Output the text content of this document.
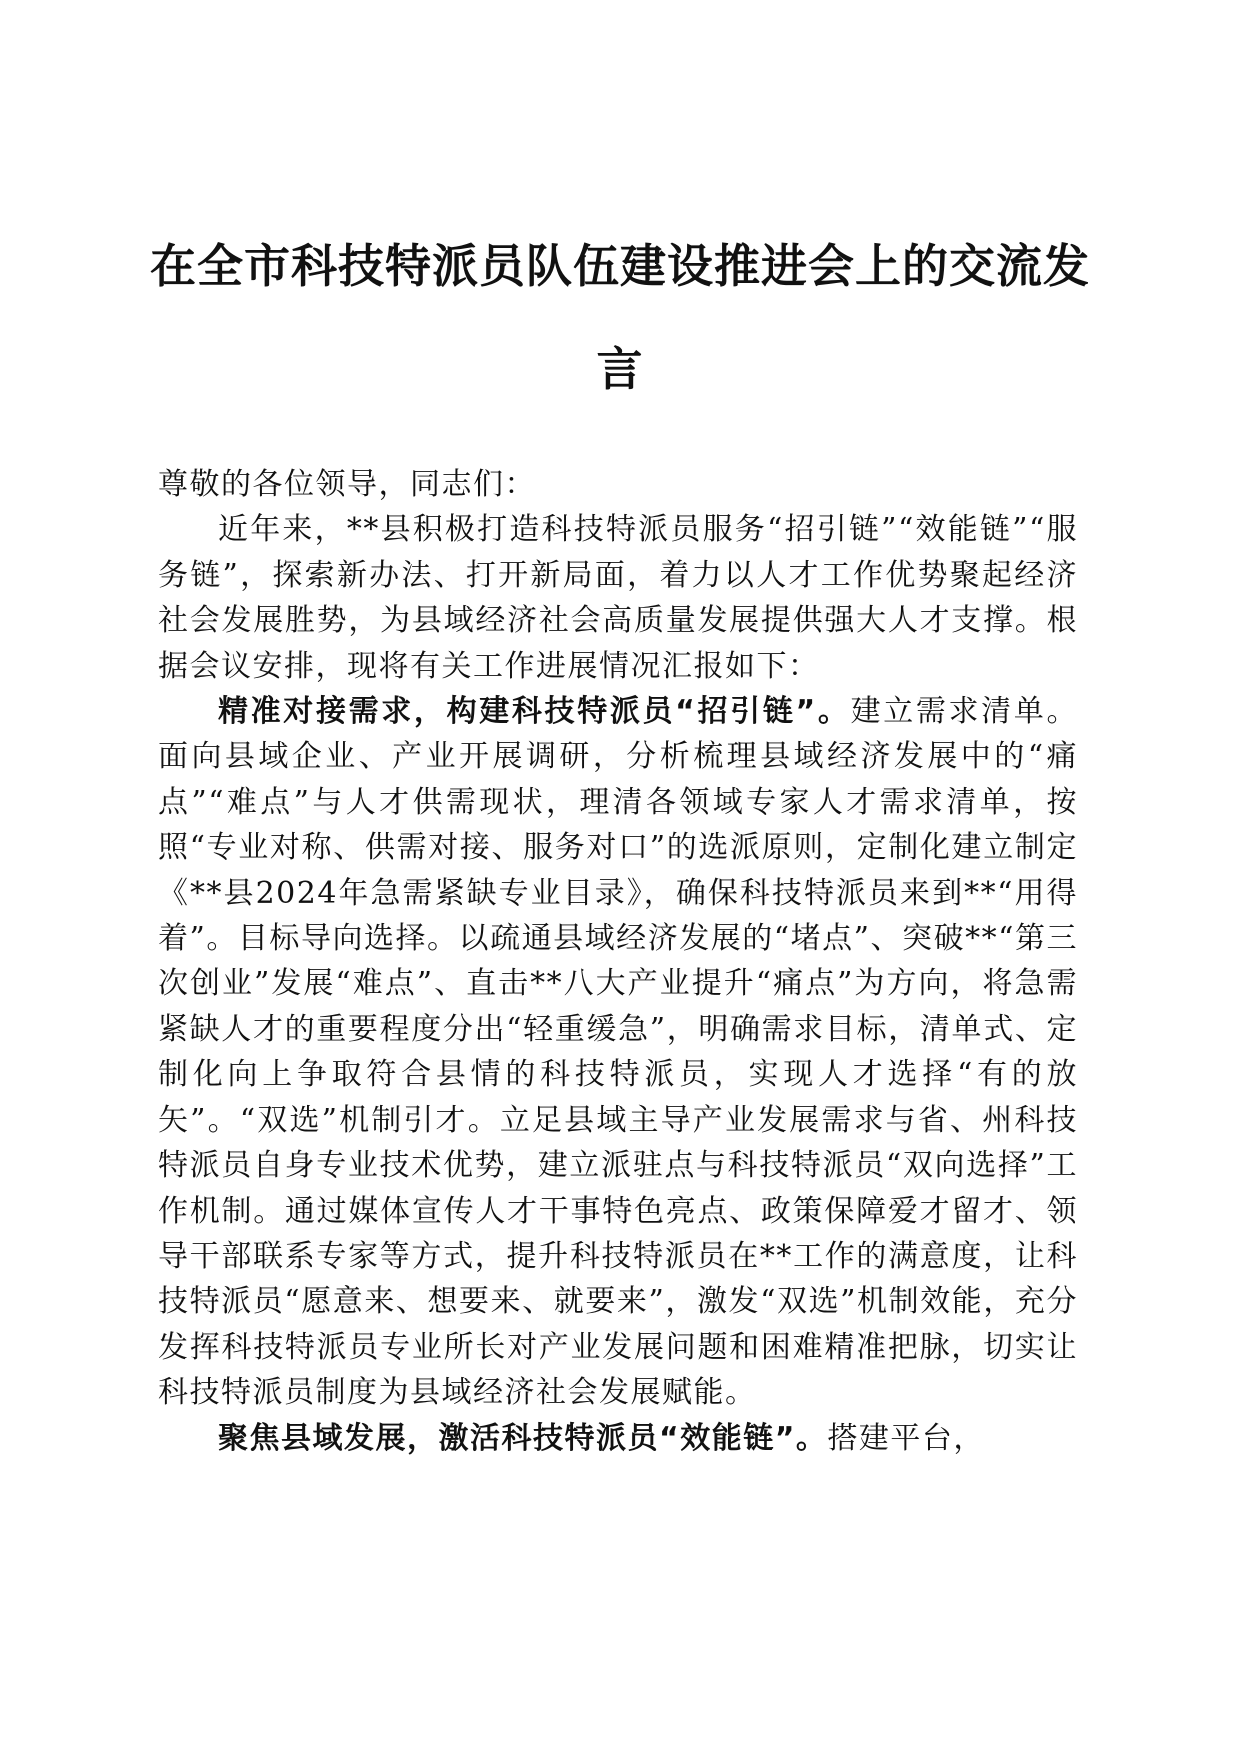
在全市科技特派员队伍建设推进会上的交流发言

尊敬的各位领导，同志们：

近年来，**县积极打造科技特派员服务“招引链”“效能链”“服务链”，探索新办法、打开新局面，着力以人才工作优势聚起经济社会发展胜势，为县域经济社会高质量发展提供强大人才支撑。根据会议安排，现将有关工作进展情况汇报如下：

精准对接需求，构建科技特派员“招引链”。建立需求清单。面向县域企业、产业开展调研，分析梳理县域经济发展中的“痛点”“难点”与人才供需现状，理清各领域专家人才需求清单，按照“专业对称、供需对接、服务对口”的选派原则，定制化建立制定《**县2024年急需紧缺专业目录》，确保科技特派员来到**“用得着”。目标导向选择。以疏通县域经济发展的“堵点”、突破**“第三次创业”发展“难点”、直击**八大产业提升“痛点”为方向，将急需紧缺人才的重要程度分出“轻重缓急”，明确需求目标，清单式、定制化向上争取符合县情的科技特派员，实现人才选择“有的放矢”。“双选”机制引才。立足县域主导产业发展需求与省、州科技特派员自身专业技术优势，建立派驻点与科技特派员“双向选择”工作机制。通过媒体宣传人才干事特色亮点、政策保障爱才留才、领导干部联系专家等方式，提升科技特派员在**工作的满意度，让科技特派员“愿意来、想要来、就要来”，激发“双选”机制效能，充分发挥科技特派员专业所长对产业发展问题和困难精准把脉，切实让科技特派员制度为县域经济社会发展赋能。

聚焦县域发展，激活科技特派员“效能链”。搭建平台，
